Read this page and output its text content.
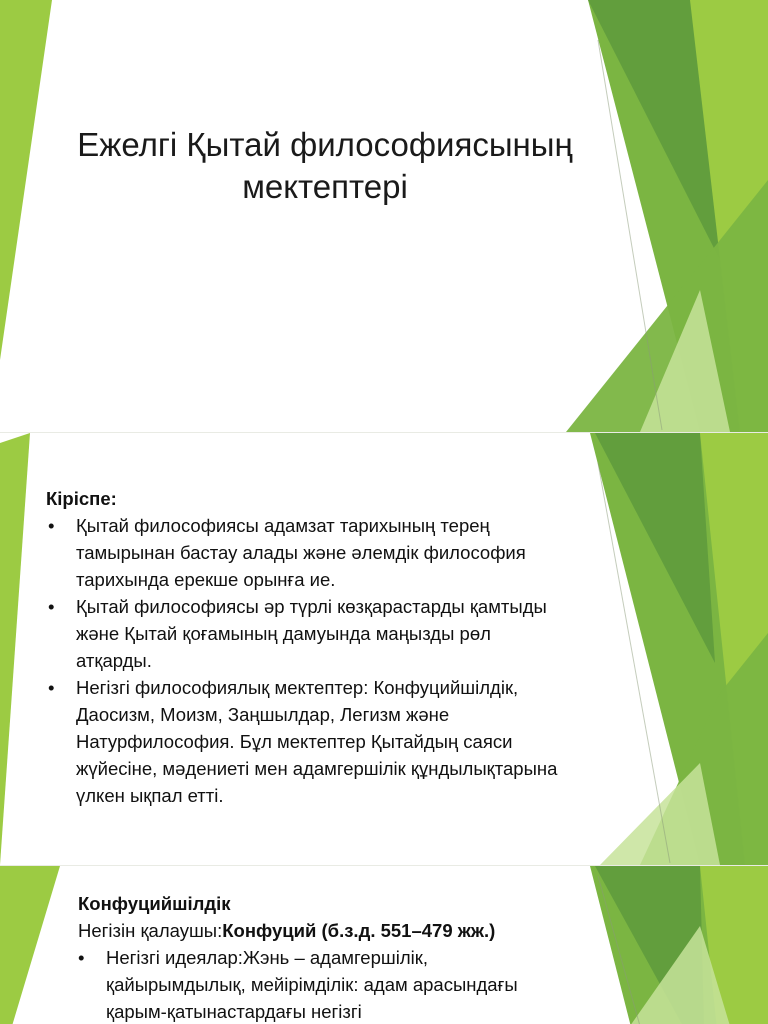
Ежелгі Қытай философиясының
мектептері
Кіріспе:
• Қытай философиясы адамзат тарихының терең тамырынан бастау алады және әлемдік философия тарихында ерекше орынға ие.
• Қытай философиясы әр түрлі көзқарастарды қамтыды және Қытай қоғамының дамуында маңызды рөл атқарды.
• Негізгі философиялық мектептер: Конфуцийшілдік, Даосизм, Моизм, Заңшылдар, Легизм және Натурфилософия. Бұл мектептер Қытайдың саяси жүйесіне, мәдениеті мен адамгершілік құндылықтарына үлкен ықпал етті.
Конфуцийшілдік
Негізін қалаушы:Конфуций (б.з.д. 551–479 жж.)
• Негізгі идеялар:Жэнь – адамгершілік, қайырымдылық, мейірімділік: адам арасындағы қарым-қатынастардағы негізгі
